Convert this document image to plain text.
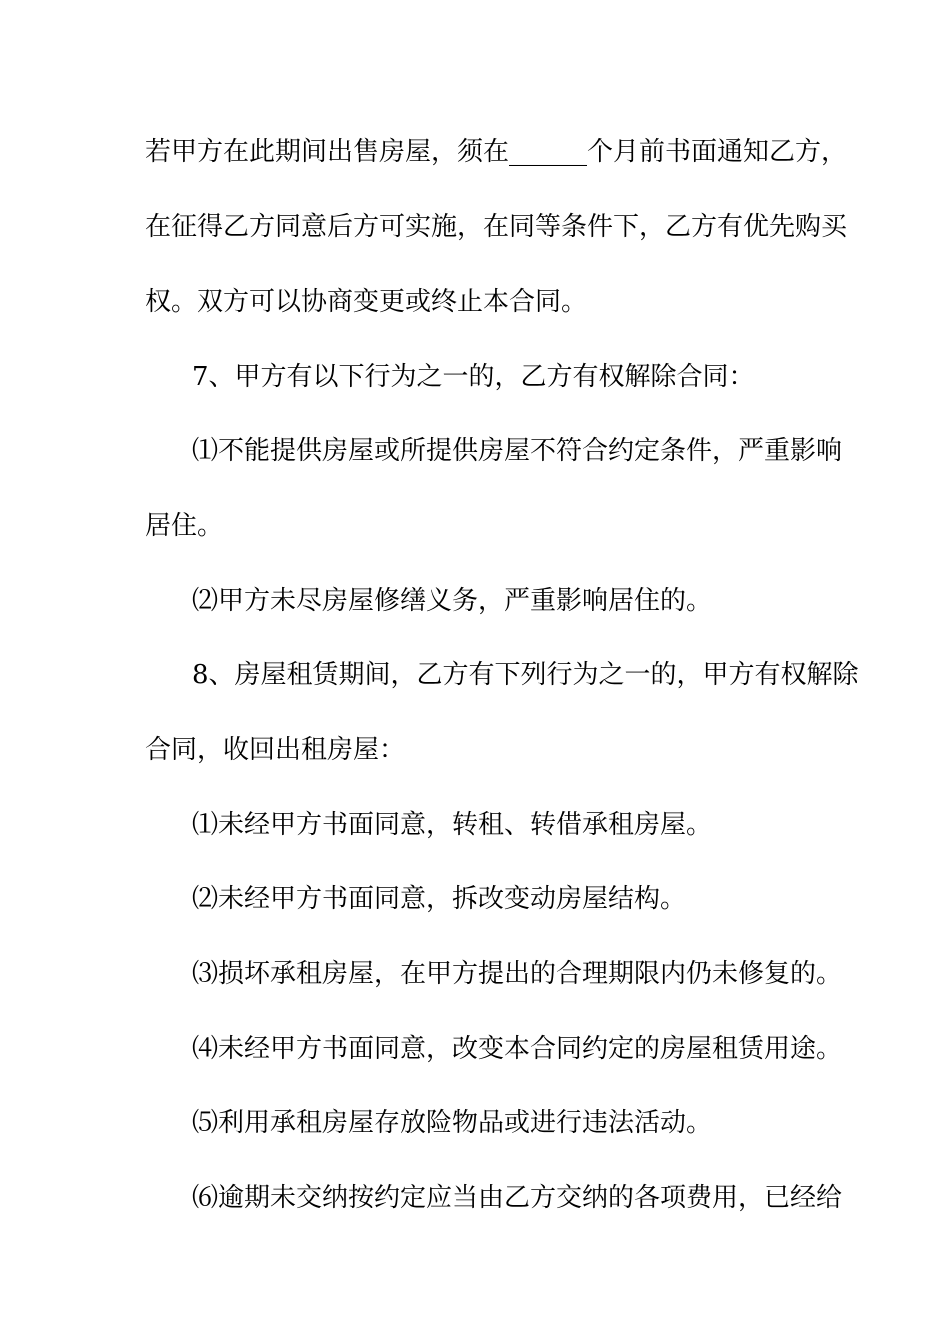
若甲方在此期间出售房屋，须在______个月前书面通知乙方，
在征得乙方同意后方可实施，在同等条件下，乙方有优先购买
权。双方可以协商变更或终止本合同。
7、甲方有以下行为之一的，乙方有权解除合同：
⑴不能提供房屋或所提供房屋不符合约定条件，严重影响
居住。
⑵甲方未尽房屋修缮义务，严重影响居住的。
8、房屋租赁期间，乙方有下列行为之一的，甲方有权解除
合同，收回出租房屋：
⑴未经甲方书面同意，转租、转借承租房屋。
⑵未经甲方书面同意，拆改变动房屋结构。
⑶损坏承租房屋，在甲方提出的合理期限内仍未修复的。
⑷未经甲方书面同意，改变本合同约定的房屋租赁用途。
⑸利用承租房屋存放险物品或进行违法活动。
⑹逾期未交纳按约定应当由乙方交纳的各项费用，已经给
